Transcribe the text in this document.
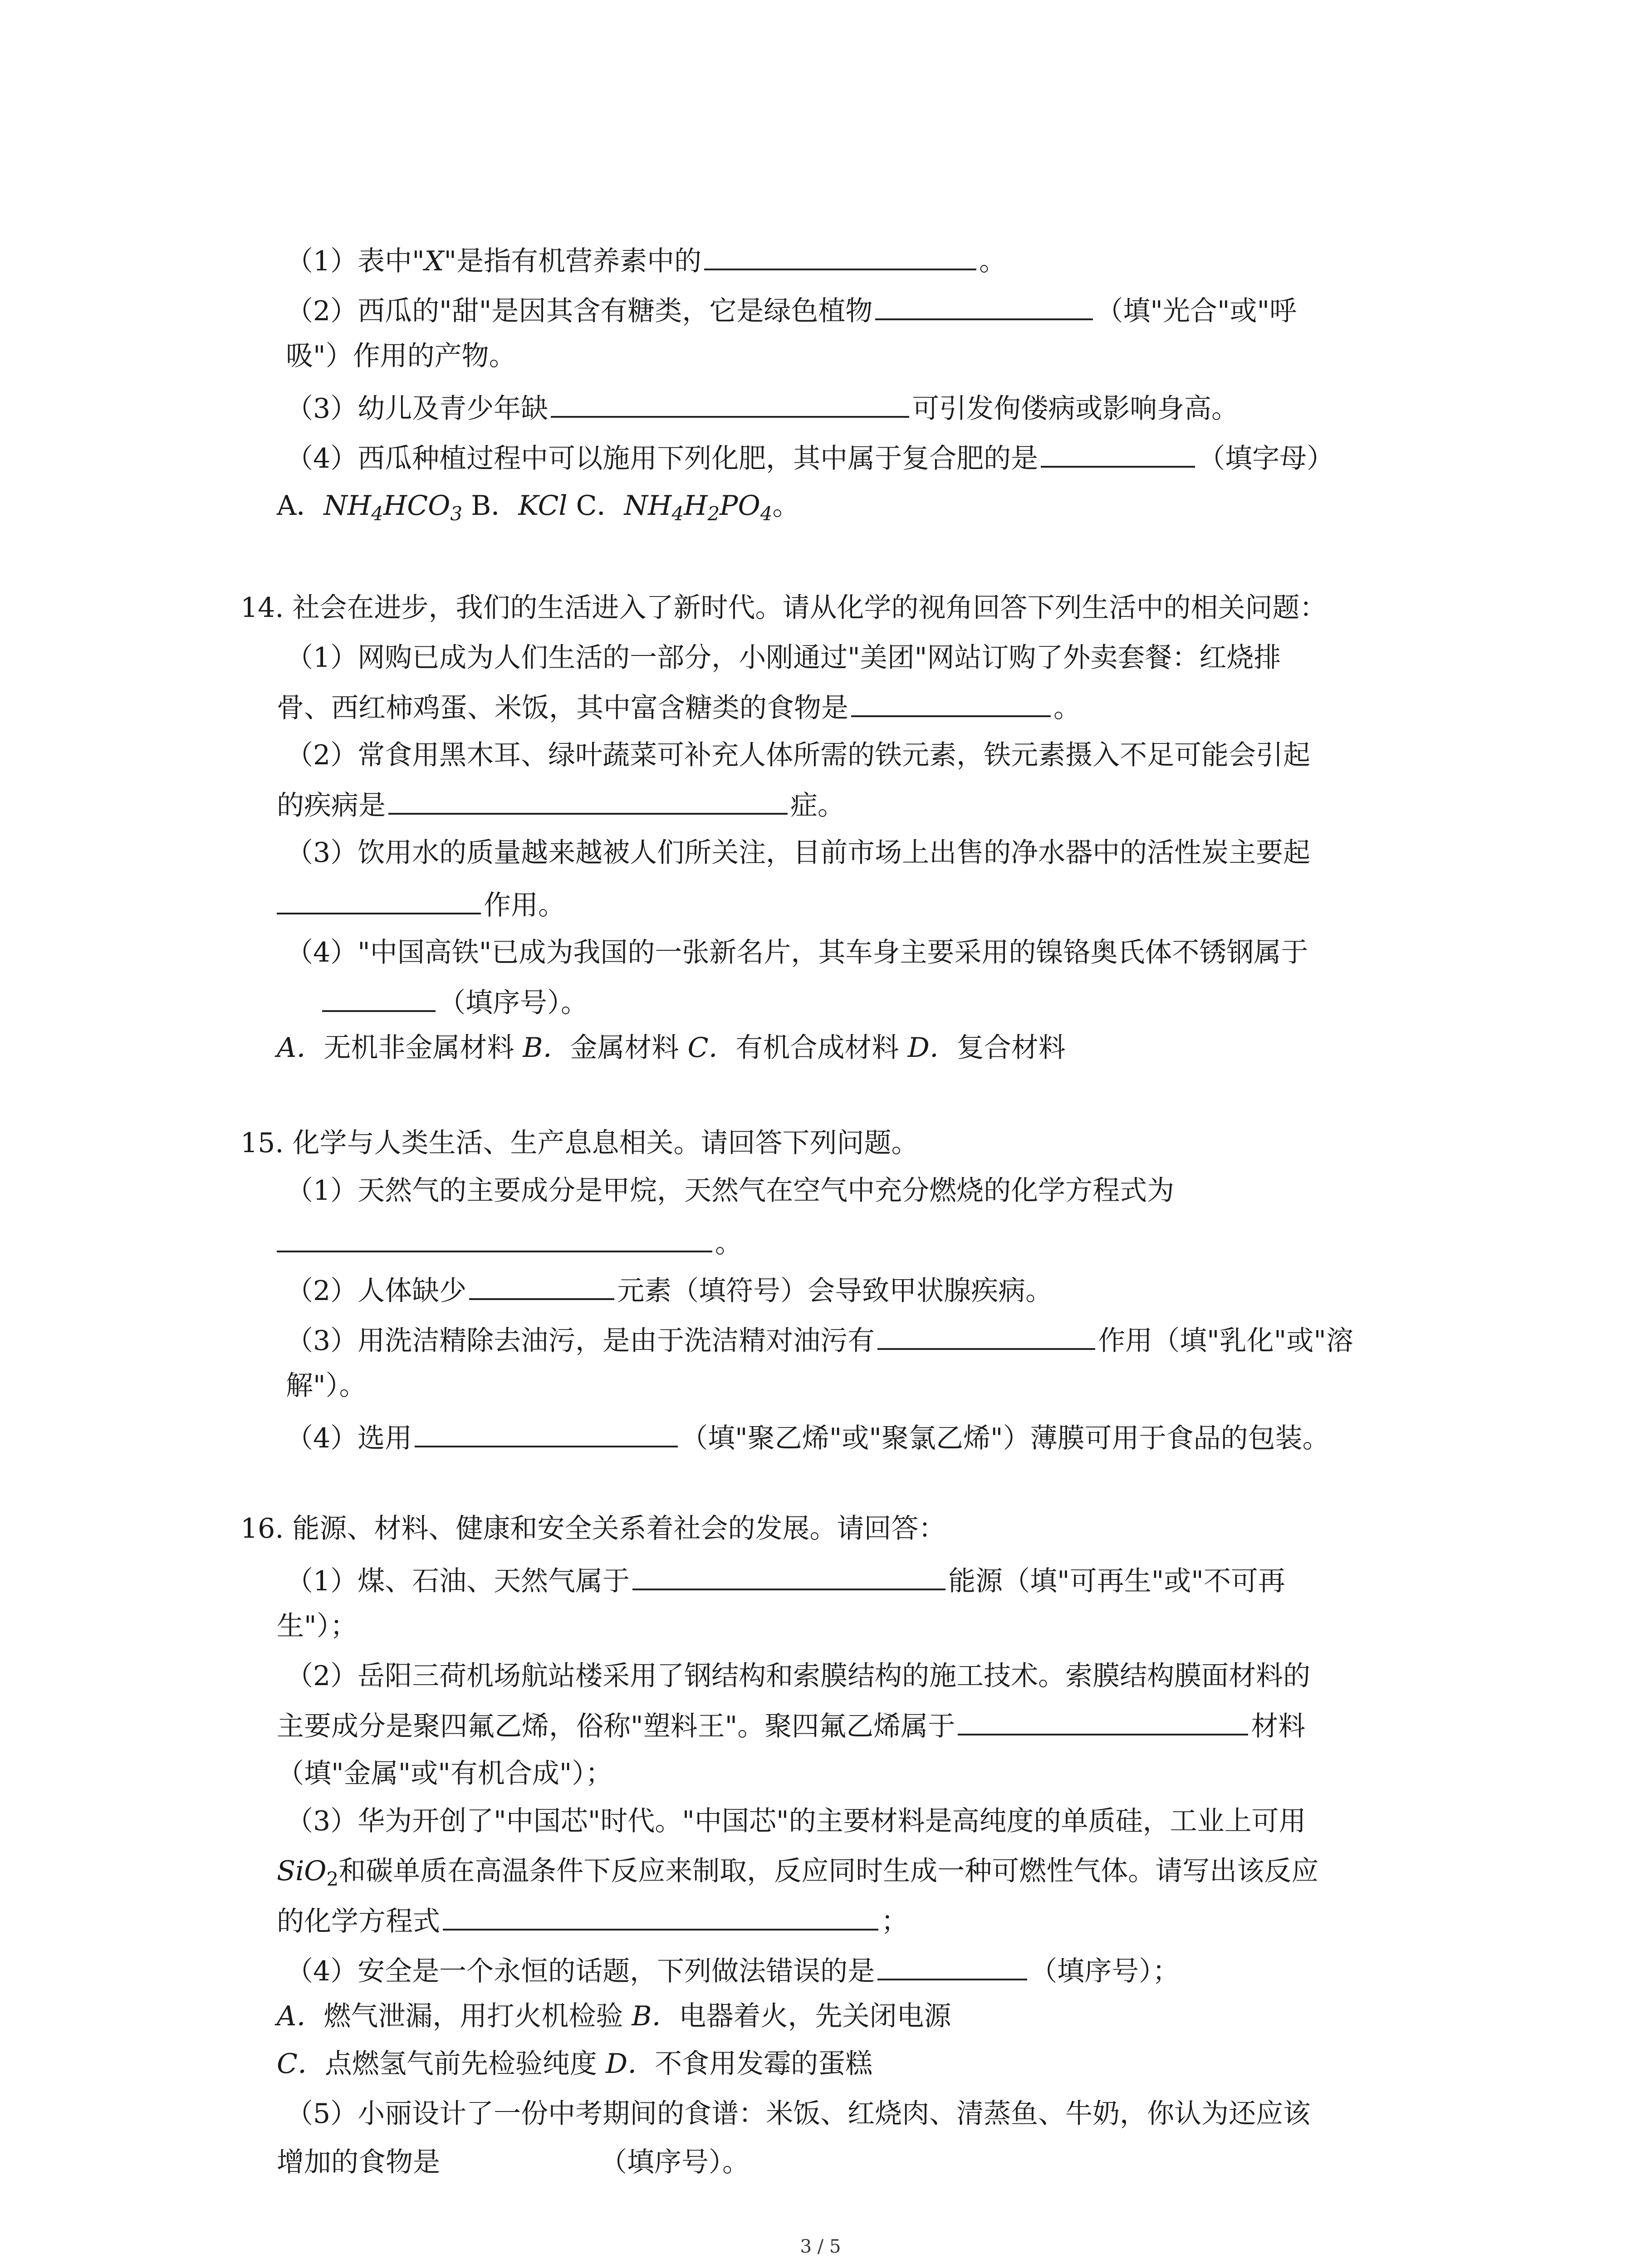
（1）表中"X"是指有机营养素中的	。
（2）西瓜的"甜"是因其含有糖类，它是绿色植物	（填"光合"或"呼
吸"）作用的产物。
（3）幼儿及青少年缺	可引发佝偻病或影响身高。
（4）西瓜种植过程中可以施用下列化肥，其中属于复合肥的是	（填字母）
A．$NH_4HCO_3$ B．KCl C．$NH_4H_2PO_4$。
14. 社会在进步，我们的生活进入了新时代。请从化学的视角回答下列生活中的相关问题：
（1）网购已成为人们生活的一部分，小刚通过"美团"网站订购了外卖套餐：红烧排
骨、西红柿鸡蛋、米饭，其中富含糖类的食物是	。
（2）常食用黑木耳、绿叶蔬菜可补充人体所需的铁元素，铁元素摄入不足可能会引起
的疾病是	症。
（3）饮用水的质量越来越被人们所关注，目前市场上出售的净水器中的活性炭主要起
作用。
（4）"中国高铁"已成为我国的一张新名片，其车身主要采用的镍铬奥氏体不锈钢属于
（填序号）。
A．无机非金属材料 B．金属材料 C．有机合成材料 D．复合材料
15. 化学与人类生活、生产息息相关。请回答下列问题。
（1）天然气的主要成分是甲烷，天然气在空气中充分燃烧的化学方程式为
。
（2）人体缺少	元素（填符号）会导致甲状腺疾病。
（3）用洗洁精除去油污，是由于洗洁精对油污有	作用（填"乳化"或"溶
解"）。
（4）选用	（填"聚乙烯"或"聚氯乙烯"）薄膜可用于食品的包装。
16. 能源、材料、健康和安全关系着社会的发展。请回答：
（1）煤、石油、天然气属于	能源（填"可再生"或"不可再
生"）；
（2）岳阳三荷机场航站楼采用了钢结构和索膜结构的施工技术。索膜结构膜面材料的
主要成分是聚四氟乙烯，俗称"塑料王"。聚四氟乙烯属于	材料
（填"金属"或"有机合成"）；
（3）华为开创了"中国芯"时代。"中国芯"的主要材料是高纯度的单质硅，工业上可用
SiO$_2$和碳单质在高温条件下反应来制取，反应同时生成一种可燃性气体。请写出该反应
的化学方程式	；
（4）安全是一个永恒的话题，下列做法错误的是	（填序号）；
A．燃气泄漏，用打火机检验 B．电器着火，先关闭电源
C．点燃氢气前先检验纯度 D．不食用发霉的蛋糕
（5）小丽设计了一份中考期间的食谱：米饭、红烧肉、清蒸鱼、牛奶，你认为还应该
增加的食物是	（填序号）。
3 / 5
